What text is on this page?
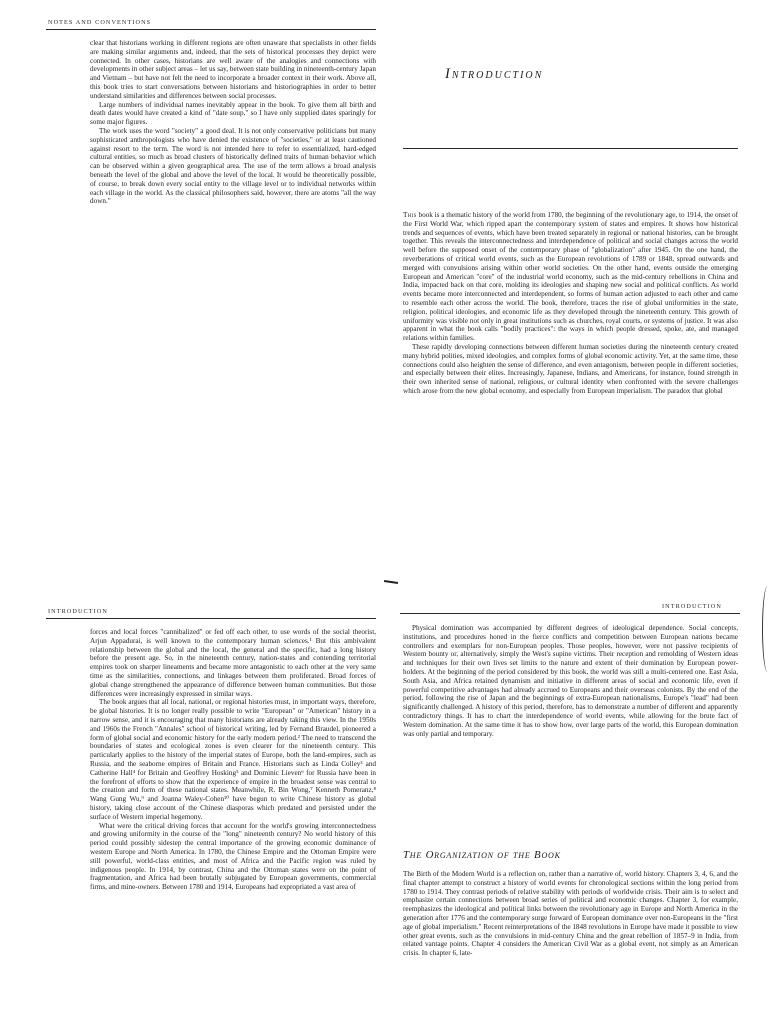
NOTES AND CONVENTIONS

clear that historians working in different regions are often unaware that specialists in other fields are making similar arguments and, indeed, that the sets of historical processes they depict were connected. In other cases, historians are well aware of the analogies and connections with developments in other subject areas – let us say, between state building in nineteenth-century Japan and Vietnam – but have not felt the need to incorporate a broader context in their work. Above all, this book tries to start conversations between historians and historiographies in order to better understand similarities and differences between social processes.

Large numbers of individual names inevitably appear in the book. To give them all birth and death dates would have created a kind of "date soup," so I have only supplied dates sparingly for some major figures.

The work uses the word "society" a good deal. It is not only conservative politicians but many sophisticated anthropologists who have denied the existence of "societies," or at least cautioned against resort to the term. The word is not intended here to refer to essentialized, hard-edged cultural entities, so much as broad clusters of historically defined traits of human behavior which can be observed within a given geographical area. The use of the term allows a broad analysis beneath the level of the global and above the level of the local. It would be theoretically possible, of course, to break down every social entity to the village level or to individual networks within each village in the world. As the classical philosophers said, however, there are atoms "all the way down."

Introduction

This book is a thematic history of the world from 1780, the beginning of the revolutionary age, to 1914, the onset of the First World War, which ripped apart the contemporary system of states and empires. It shows how historical trends and sequences of events, which have been treated separately in regional or national histories, can be brought together. This reveals the interconnectedness and interdependence of political and social changes across the world well before the supposed onset of the contemporary phase of "globalization" after 1945. On the one hand, the reverberations of critical world events, such as the European revolutions of 1789 or 1848, spread outwards and merged with convulsions arising within other world societies. On the other hand, events outside the emerging European and American "core" of the industrial world economy, such as the mid-century rebellions in China and India, impacted back on that core, molding its ideologies and shaping new social and political conflicts. As world events became more interconnected and interdependent, so forms of human action adjusted to each other and came to resemble each other across the world. The book, therefore, traces the rise of global uniformities in the state, religion, political ideologies, and economic life as they developed through the nineteenth century. This growth of uniformity was visible not only in great institutions such as churches, royal courts, or systems of justice. It was also apparent in what the book calls "bodily practices": the ways in which people dressed, spoke, ate, and managed relations within families.

These rapidly developing connections between different human societies during the nineteenth century created many hybrid polities, mixed ideologies, and complex forms of global economic activity. Yet, at the same time, these connections could also heighten the sense of difference, and even antagonism, between people in different societies, and especially between their elites. Increasingly, Japanese, Indians, and Americans, for instance, found strength in their own inherited sense of national, religious, or cultural identity when confronted with the severe challenges which arose from the new global economy, and especially from European imperialism. The paradox that global

INTRODUCTION

forces and local forces "cannibalized" or fed off each other, to use words of the social theorist, Arjun Appadurai, is well known to the contemporary human sciences.¹ But this ambivalent relationship between the global and the local, the general and the specific, had a long history before the present age. So, in the nineteenth century, nation-states and contending territorial empires took on sharper lineaments and became more antagonistic to each other at the very same time as the similarities, connections, and linkages between them proliferated. Broad forces of global change strengthened the appearance of difference between human communities. But those differences were increasingly expressed in similar ways.

The book argues that all local, national, or regional histories must, in important ways, therefore, be global histories. It is no longer really possible to write "European" or "American" history in a narrow sense, and it is encouraging that many historians are already taking this view. In the 1950s and 1960s the French "Annales" school of historical writing, led by Fernand Braudel, pioneered a form of global social and economic history for the early modern period.² The need to transcend the boundaries of states and ecological zones is even clearer for the nineteenth century. This particularly applies to the history of the imperial states of Europe, both the land-empires, such as Russia, and the seaborne empires of Britain and France. Historians such as Linda Colley³ and Catherine Hall⁴ for Britain and Geoffrey Hosking⁵ and Dominic Lieven⁶ for Russia have been in the forefront of efforts to show that the experience of empire in the broadest sense was central to the creation and form of these national states. Meanwhile, R. Bin Wong,⁷ Kenneth Pomeranz,⁸ Wang Gung Wu,⁹ and Joanna Waley-Cohen¹⁰ have begun to write Chinese history as global history, taking close account of the Chinese diasporas which predated and persisted under the surface of Western imperial hegemony.

What were the critical driving forces that account for the world's growing interconnectedness and growing uniformity in the course of the "long" nineteenth century? No world history of this period could possibly sidestep the central importance of the growing economic dominance of western Europe and North America. In 1780, the Chinese Empire and the Ottoman Empire were still powerful, world-class entities, and most of Africa and the Pacific region was ruled by indigenous people. In 1914, by contrast, China and the Ottoman states were on the point of fragmentation, and Africa had been brutally subjugated by European governments, commercial firms, and mine-owners. Between 1780 and 1914, Europeans had expropriated a vast area of

INTRODUCTION

Physical domination was accompanied by different degrees of ideological dependence. Social concepts, institutions, and procedures honed in the fierce conflicts and competition between European nations became controllers and exemplars for non-European peoples. Those peoples, however, were not passive recipients of Western bounty or, alternatively, simply the West's supine victims. Their reception and remolding of Western ideas and techniques for their own lives set limits to the nature and extent of their domination by European power-holders. At the beginning of the period considered by this book, the world was still a multi-centered one. East Asia, South Asia, and Africa retained dynamism and initiative in different areas of social and economic life, even if powerful competitive advantages had already accrued to Europeans and their overseas colonists. By the end of the period, following the rise of Japan and the beginnings of extra-European nationalisms, Europe's "lead" had been significantly challenged. A history of this period, therefore, has to demonstrate a number of different and apparently contradictory things. It has to chart the interdependence of world events, while allowing for the brute fact of Western domination. At the same time it has to show how, over large parts of the world, this European domination was only partial and temporary.

The Organization of the Book

The Birth of the Modern World is a reflection on, rather than a narrative of, world history. Chapters 3, 4, 6, and the final chapter attempt to construct a history of world events for chronological sections within the long period from 1780 to 1914. They contrast periods of relative stability with periods of worldwide crisis. Their aim is to select and emphasize certain connections between broad series of political and economic changes. Chapter 3, for example, reemphasizes the ideological and political links between the revolutionary age in Europe and North America in the generation after 1776 and the contemporary surge forward of European dominance over non-Europeans in the "first age of global imperialism." Recent reinterpretations of the 1848 revolutions in Europe have made it possible to view other great events, such as the convulsions in mid-century China and the great rebellion of 1857–9 in India, from related vantage points. Chapter 4 considers the American Civil War as a global event, not simply as an American crisis. In chapter 6, late-
